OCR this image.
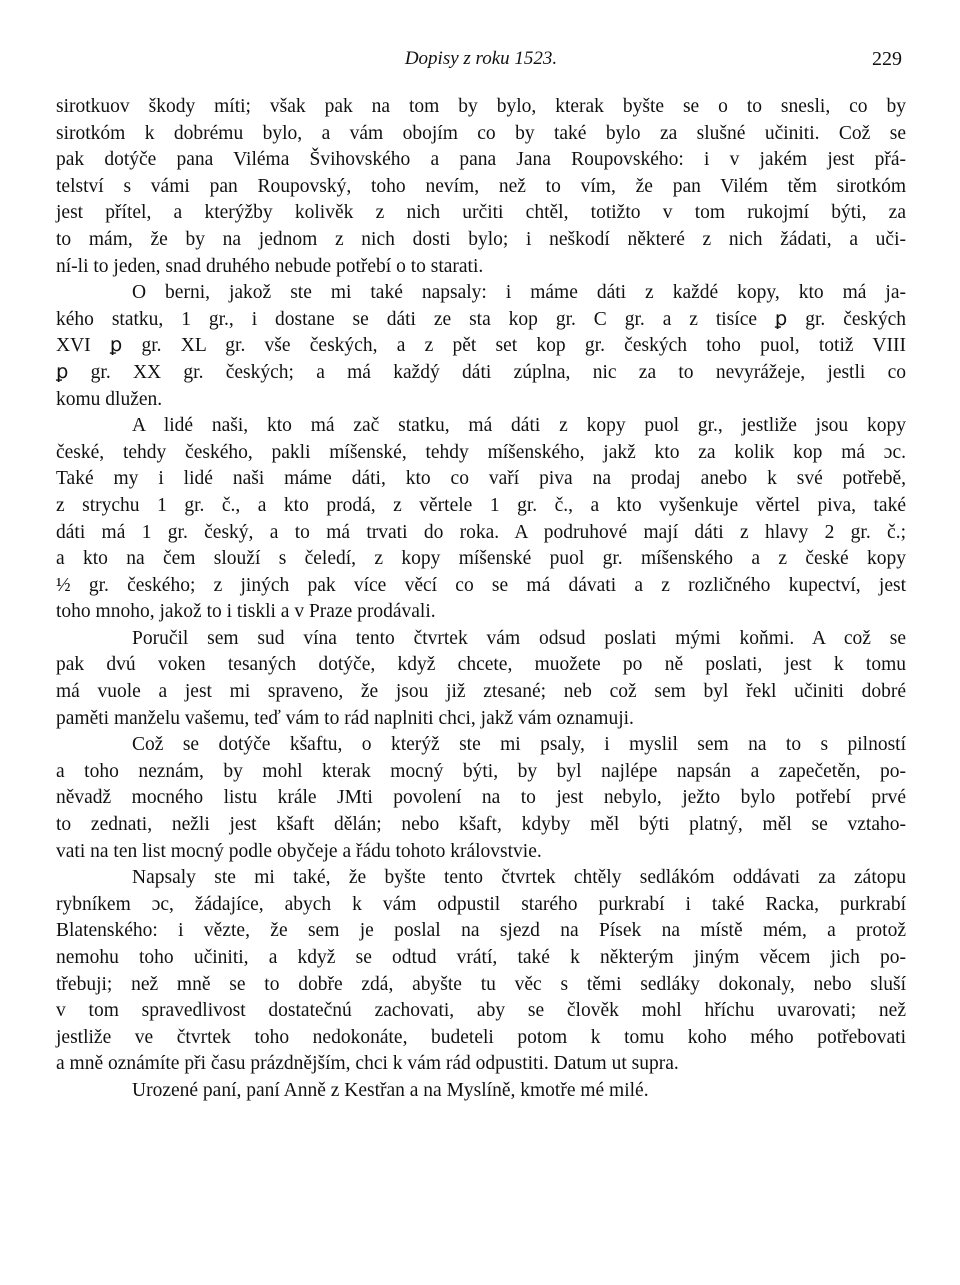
Dopisy z roku 1523.	229
sirotkuov škody míti; však pak na tom by bylo, kterak byšte se o to snesli, co by
sirotkóm k dobrému bylo, a vám obojím co by také bylo za slušné učiniti. Což se
pak dotýče pana Viléma Švihovského a pana Jana Roupovského: i v jakém jest přá-
telství s vámi pan Roupovský, toho nevím, než to vím, že pan Vilém těm sirotkóm
jest přítel, a kterýžby kolivěk z nich určiti chtěl, totižto v tom rukojmí býti, za
to mám, že by na jednom z nich dosti bylo; i neškodí některé z nich žádati, a uči-
ní-li to jeden, snad druhého nebude potřebí o to starati.
O berni, jakož ste mi také napsaly: i máme dáti z každé kopy, kto má ja-
kého statku, 1 gr., i dostane se dáti ze sta kop gr. C gr. a z tisíce ꝑ gr. českých
XVI ꝑ gr. XL gr. vše českých, a z pět set kop gr. českých toho puol, totiž VIII
ꝑ gr. XX gr. českých; a má každý dáti zúplna, nic za to nevyrážeje, jestli co
komu dlužen.
A lidé naši, kto má zač statku, má dáti z kopy puol gr., jestliže jsou kopy
české, tehdy českého, pakli míšenské, tehdy míšenského, jakž kto za kolik kop má ɔc.
Také my i lidé naši máme dáti, kto co vaří piva na prodaj anebo k své potřebě,
z strychu 1 gr. č., a kto prodá, z věrtele 1 gr. č., a kto vyšenkuje věrtel piva, také
dáti má 1 gr. český, a to má trvati do roka. A podruhové mají dáti z hlavy 2 gr. č.;
a kto na čem slouží s čeledí, z kopy míšenské puol gr. míšenského a z české kopy
½ gr. českého; z jiných pak více věcí co se má dávati a z rozličného kupectví, jest
toho mnoho, jakož to i tiskli a v Praze prodávali.
Poručil sem sud vína tento čtvrtek vám odsud poslati mými koňmi. A což se
pak dvú voken tesaných dotýče, když chcete, muožete po ně poslati, jest k tomu
má vuole a jest mi spraveno, že jsou již ztesané; neb což sem byl řekl učiniti dobré
paměti manželu vašemu, teď vám to rád naplniti chci, jakž vám oznamuji.
Což se dotýče kšaftu, o kterýž ste mi psaly, i myslil sem na to s pilností
a toho neznám, by mohl kterak mocný býti, by byl najlépe napsán a zapečetěn, po-
něvadž mocného listu krále JMti povolení na to jest nebylo, ježto bylo potřebí prvé
to zednati, nežli jest kšaft dělán; nebo kšaft, kdyby měl býti platný, měl se vztaho-
vati na ten list mocný podle obyčeje a řádu tohoto královstvie.
Napsaly ste mi také, že byšte tento čtvrtek chtěly sedlákóm oddávati za zátopu
rybníkem ɔc, žádajíce, abych k vám odpustil starého purkrabí i také Racka, purkrabí
Blatenského: i vězte, že sem je poslal na sjezd na Písek na místě mém, a protož
nemohu toho učiniti, a když se odtud vrátí, také k některým jiným věcem jich po-
třebuji; než mně se to dobře zdá, abyšte tu věc s těmi sedláky dokonaly, nebo sluší
v tom spravedlivost dostatečnú zachovati, aby se člověk mohl hříchu uvarovati; než
jestliže ve čtvrtek toho nedokonáte, budeteli potom k tomu koho mého potřebovati
a mně oznámíte při času prázdnějším, chci k vám rád odpustiti. Datum ut supra.
Urozené paní, paní Anně z Kestřan a na Myslíně, kmotře mé milé.
